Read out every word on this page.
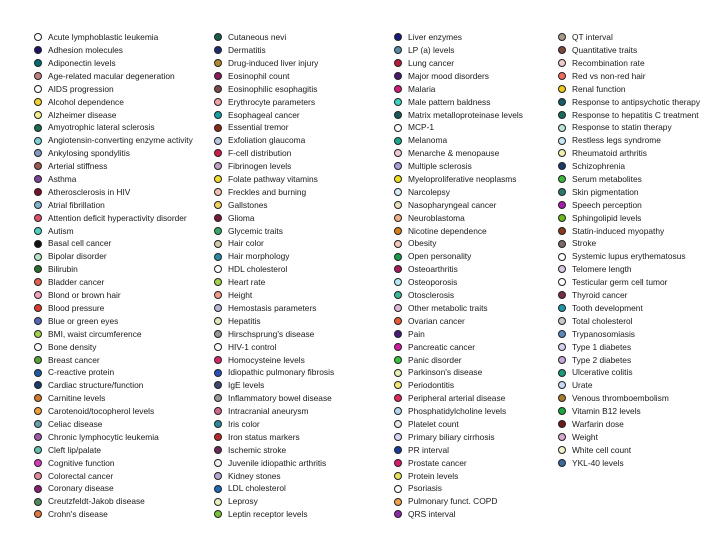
Acute lymphoblastic leukemia
Adhesion molecules
Adiponectin levels
Age-related macular degeneration
AIDS progression
Alcohol dependence
Alzheimer disease
Amyotrophic lateral sclerosis
Angiotensin-converting enzyme activity
Ankylosing spondylitis
Arterial stiffness
Asthma
Atherosclerosis in HIV
Atrial fibrillation
Attention deficit hyperactivity disorder
Autism
Basal cell cancer
Bipolar disorder
Bilirubin
Bladder cancer
Blond or brown hair
Blood pressure
Blue or green eyes
BMI, waist circumference
Bone density
Breast cancer
C-reactive protein
Cardiac structure/function
Carnitine levels
Carotenoid/tocopherol levels
Celiac disease
Chronic lymphocytic leukemia
Cleft lip/palate
Cognitive function
Colorectal cancer
Coronary disease
Creutzfeldt-Jakob disease
Crohn's disease
Cutaneous nevi
Dermatitis
Drug-induced liver injury
Eosinophil count
Eosinophilic esophagitis
Erythrocyte parameters
Esophageal cancer
Essential tremor
Exfoliation glaucoma
F-cell distribution
Fibrinogen levels
Folate pathway vitamins
Freckles and burning
Gallstones
Glioma
Glycemic traits
Hair color
Hair morphology
HDL cholesterol
Heart rate
Height
Hemostasis parameters
Hepatitis
Hirschsprung's disease
HIV-1 control
Homocysteine levels
Idiopathic pulmonary fibrosis
IgE levels
Inflammatory bowel disease
Intracranial aneurysm
Iris color
Iron status markers
Ischemic stroke
Juvenile idiopathic arthritis
Kidney stones
LDL cholesterol
Leprosy
Leptin receptor levels
Liver enzymes
LP (a) levels
Lung cancer
Major mood disorders
Malaria
Male pattern baldness
Matrix metalloproteinase levels
MCP-1
Melanoma
Menarche & menopause
Multiple sclerosis
Myeloproliferative neoplasms
Narcolepsy
Nasopharyngeal cancer
Neuroblastoma
Nicotine dependence
Obesity
Open personality
Osteoarthritis
Osteoporosis
Otosclerosis
Other metabolic traits
Ovarian cancer
Pain
Pancreatic cancer
Panic disorder
Parkinson's disease
Periodontitis
Peripheral arterial disease
Phosphatidylcholine levels
Platelet count
Primary biliary cirrhosis
PR interval
Prostate cancer
Protein levels
Psoriasis
Pulmonary funct. COPD
QRS interval
QT interval
Quantitative traits
Recombination rate
Red vs non-red hair
Renal function
Response to antipsychotic therapy
Response to hepatitis C treatment
Response to statin therapy
Restless legs syndrome
Rheumatoid arthritis
Schizophrenia
Serum metabolites
Skin pigmentation
Speech perception
Sphingolipid levels
Statin-induced myopathy
Stroke
Systemic lupus erythematosus
Telomere length
Testicular germ cell tumor
Thyroid cancer
Tooth development
Total cholesterol
Trypanosomiasis
Type 1 diabetes
Type 2 diabetes
Ulcerative colitis
Urate
Venous thromboembolism
Vitamin B12 levels
Warfarin dose
Weight
White cell count
YKL-40 levels
